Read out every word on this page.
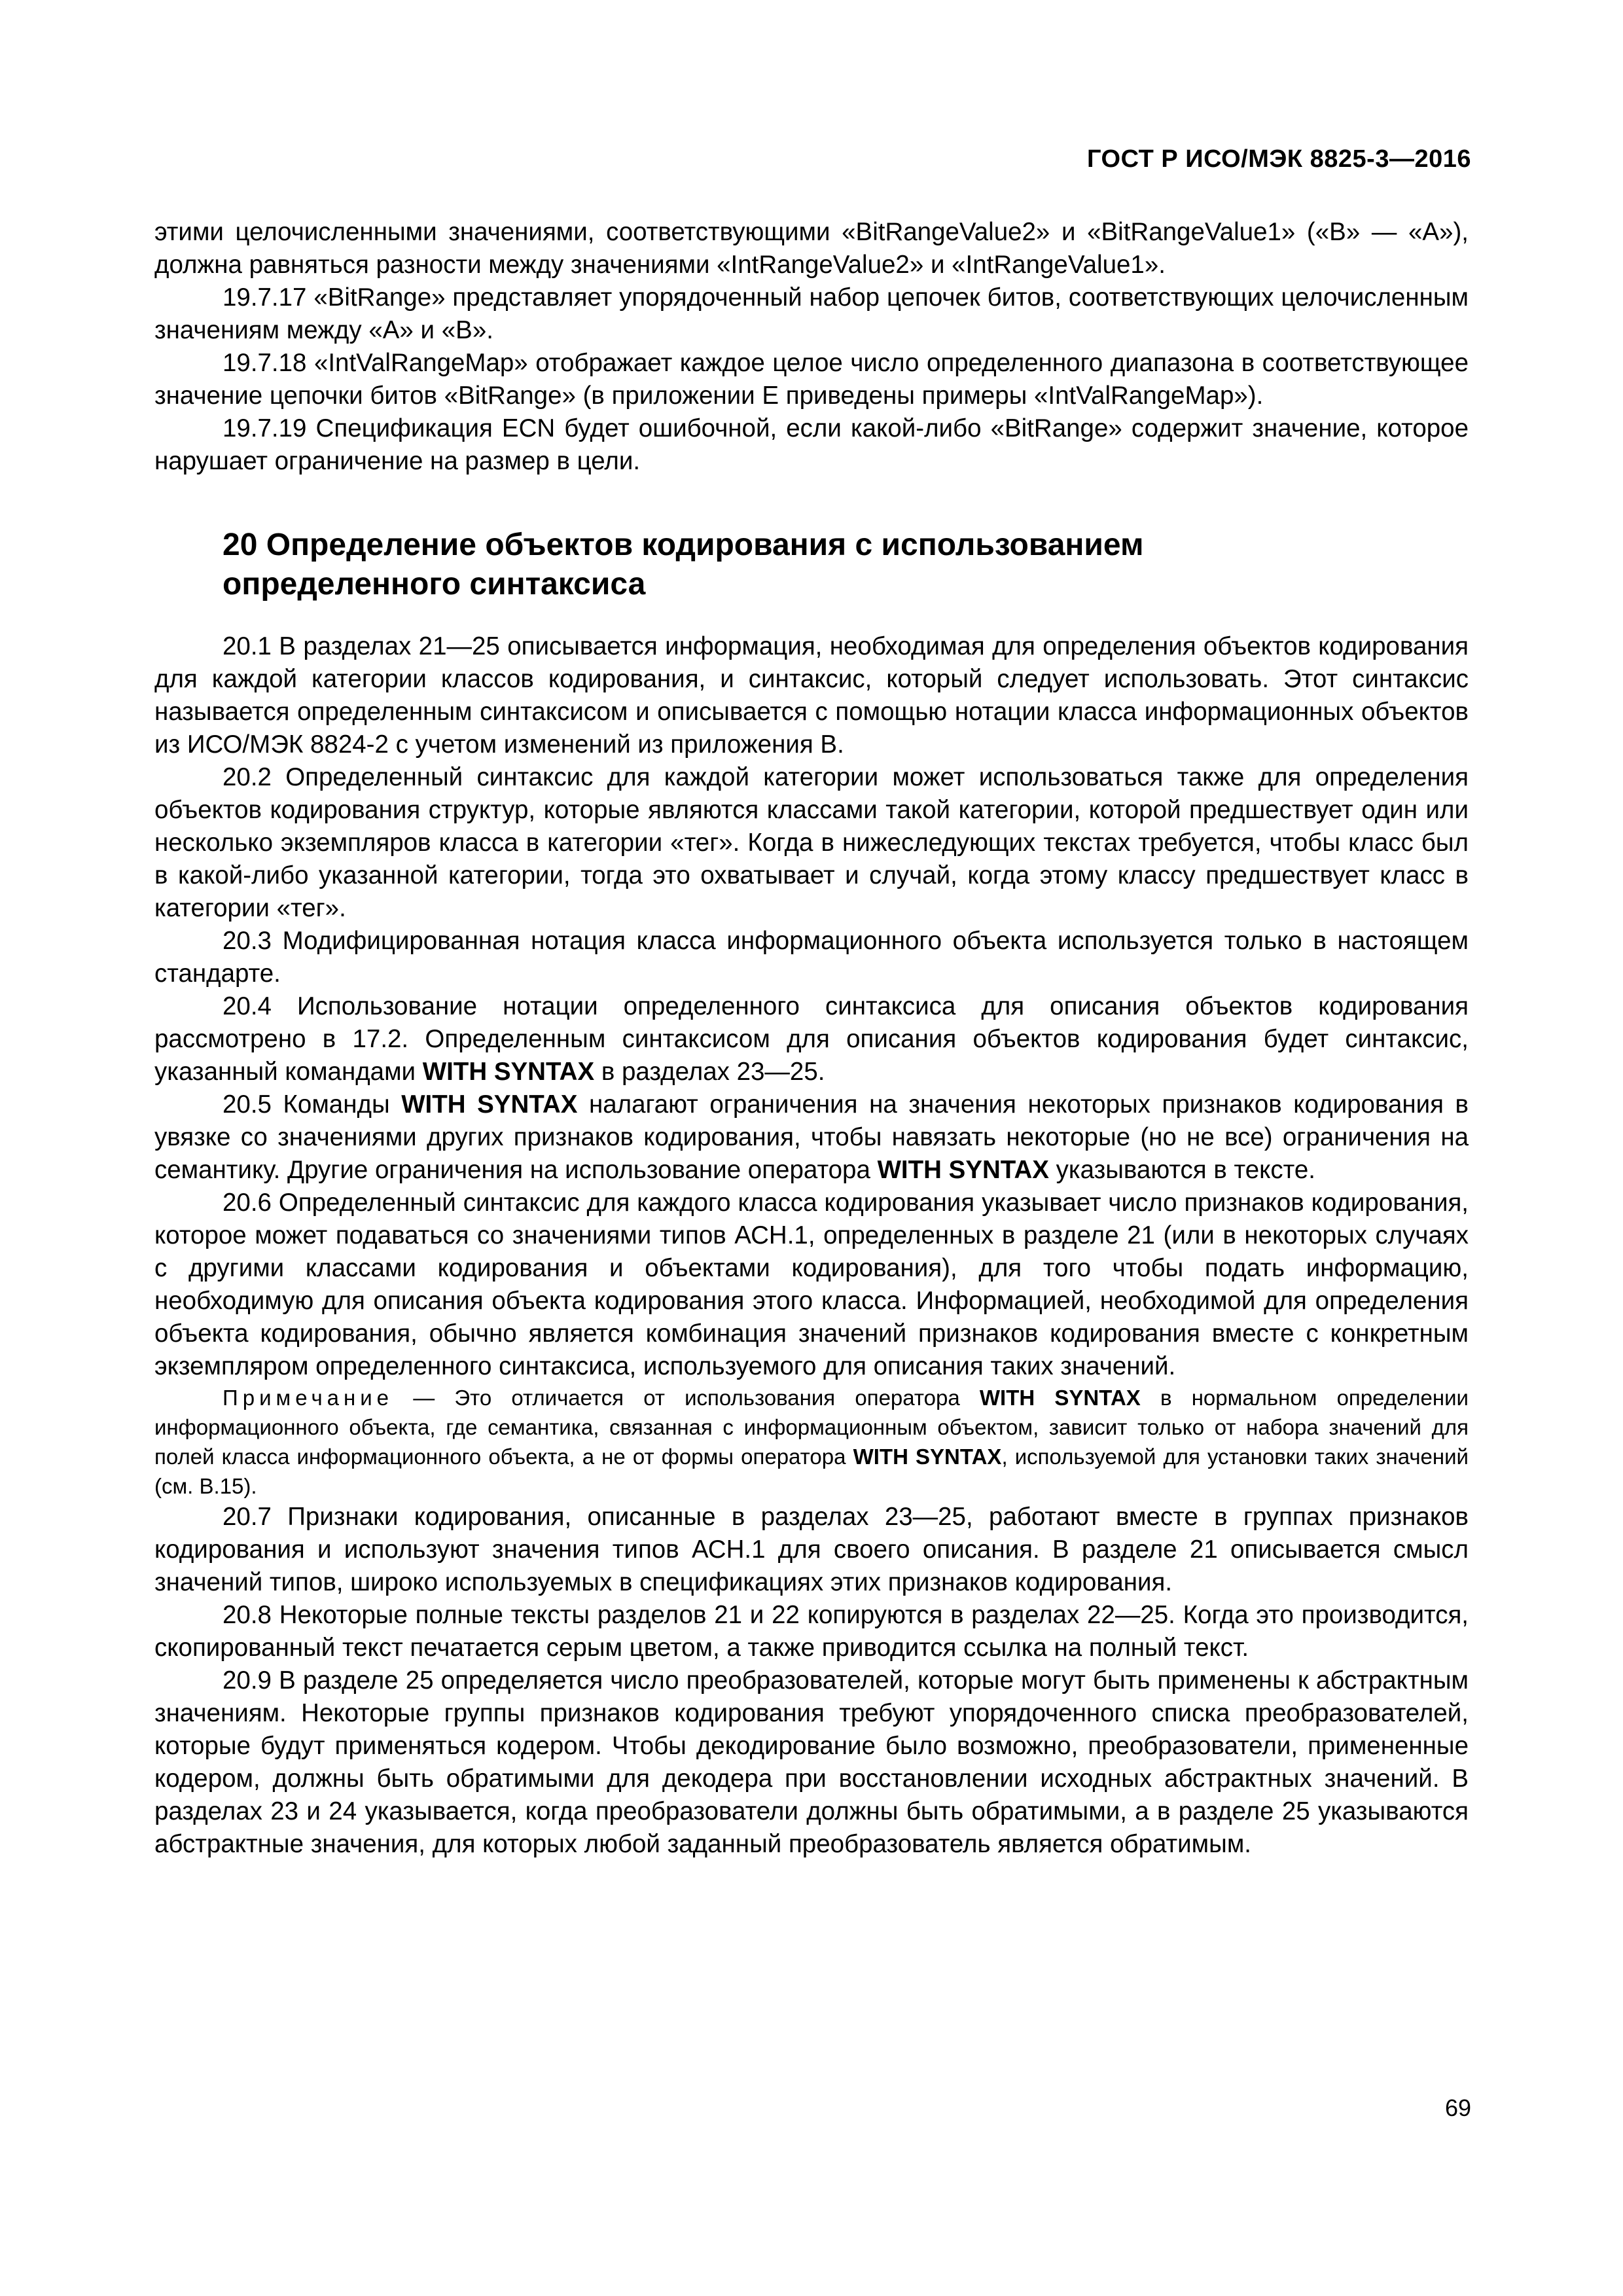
ГОСТ Р ИСО/МЭК 8825-3—2016

этими целочисленными значениями, соответствующими «BitRangeValue2» и «BitRangeValue1» («В» — «А»), должна равняться разности между значениями «IntRangeValue2» и «IntRangeValue1».

19.7.17 «BitRange» представляет упорядоченный набор цепочек битов, соответствующих целочисленным значениям между «А» и «В».

19.7.18 «IntValRangeMap» отображает каждое целое число определенного диапазона в соответствующее значение цепочки битов «BitRange» (в приложении Е приведены примеры «IntValRangeMap»).

19.7.19 Спецификация ECN будет ошибочной, если какой-либо «BitRange» содержит значение, которое нарушает ограничение на размер в цели.

20 Определение объектов кодирования с использованием
определенного синтаксиса

20.1 В разделах 21—25 описывается информация, необходимая для определения объектов кодирования для каждой категории классов кодирования, и синтаксис, который следует использовать. Этот синтаксис называется определенным синтаксисом и описывается с помощью нотации класса информационных объектов из ИСО/МЭК 8824-2 с учетом изменений из приложения В.

20.2 Определенный синтаксис для каждой категории может использоваться также для определения объектов кодирования структур, которые являются классами такой категории, которой предшествует один или несколько экземпляров класса в категории «тег». Когда в нижеследующих текстах требуется, чтобы класс был в какой-либо указанной категории, тогда это охватывает и случай, когда этому классу предшествует класс в категории «тег».

20.3 Модифицированная нотация класса информационного объекта используется только в настоящем стандарте.

20.4 Использование нотации определенного синтаксиса для описания объектов кодирования рассмотрено в 17.2. Определенным синтаксисом для описания объектов кодирования будет синтаксис, указанный командами WITH SYNTAX в разделах 23—25.

20.5 Команды WITH SYNTAX налагают ограничения на значения некоторых признаков кодирования в увязке со значениями других признаков кодирования, чтобы навязать некоторые (но не все) ограничения на семантику. Другие ограничения на использование оператора WITH SYNTAX указываются в тексте.

20.6 Определенный синтаксис для каждого класса кодирования указывает число признаков кодирования, которое может подаваться со значениями типов АСН.1, определенных в разделе 21 (или в некоторых случаях с другими классами кодирования и объектами кодирования), для того чтобы подать информацию, необходимую для описания объекта кодирования этого класса. Информацией, необходимой для определения объекта кодирования, обычно является комбинация значений признаков кодирования вместе с конкретным экземпляром определенного синтаксиса, используемого для описания таких значений.

Примечание — Это отличается от использования оператора WITH SYNTAX в нормальном определении информационного объекта, где семантика, связанная с информационным объектом, зависит только от набора значений для полей класса информационного объекта, а не от формы оператора WITH SYNTAX, используемой для установки таких значений (см. В.15).

20.7 Признаки кодирования, описанные в разделах 23—25, работают вместе в группах признаков кодирования и используют значения типов АСН.1 для своего описания. В разделе 21 описывается смысл значений типов, широко используемых в спецификациях этих признаков кодирования.

20.8 Некоторые полные тексты разделов 21 и 22 копируются в разделах 22—25. Когда это производится, скопированный текст печатается серым цветом, а также приводится ссылка на полный текст.

20.9 В разделе 25 определяется число преобразователей, которые могут быть применены к абстрактным значениям. Некоторые группы признаков кодирования требуют упорядоченного списка преобразователей, которые будут применяться кодером. Чтобы декодирование было возможно, преобразователи, примененные кодером, должны быть обратимыми для декодера при восстановлении исходных абстрактных значений. В разделах 23 и 24 указывается, когда преобразователи должны быть обратимыми, а в разделе 25 указываются абстрактные значения, для которых любой заданный преобразователь является обратимым.

69
